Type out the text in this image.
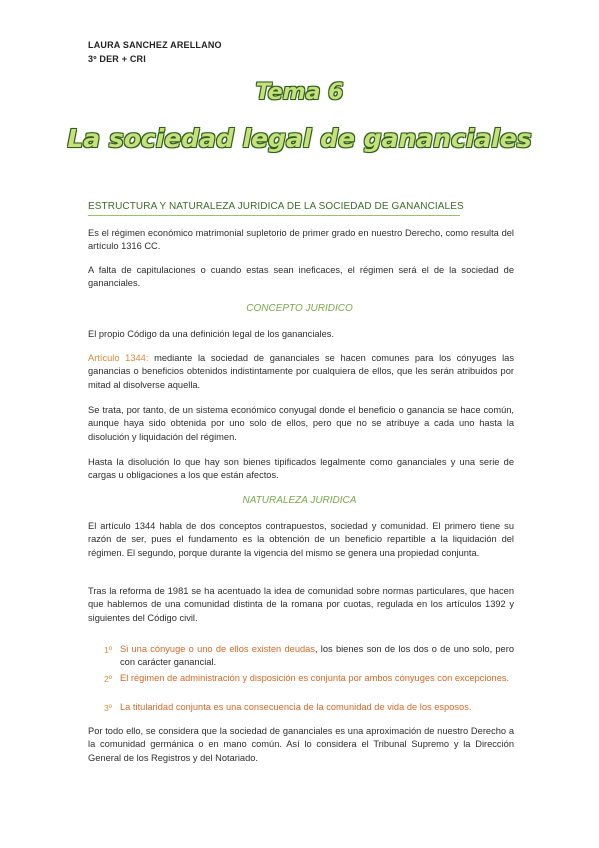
LAURA SANCHEZ ARELLANO
3º DER + CRI
Tema 6
La sociedad legal de gananciales
ESTRUCTURA Y NATURALEZA JURIDICA DE LA SOCIEDAD DE GANANCIALES
Es el régimen económico matrimonial supletorio de primer grado en nuestro Derecho, como resulta del artículo 1316 CC.
A falta de capitulaciones o cuando estas sean ineficaces, el régimen será el de la sociedad de gananciales.
CONCEPTO JURIDICO
El propio Código da una definición legal de los gananciales.
Artículo 1344: mediante la sociedad de gananciales se hacen comunes para los cónyuges las ganancias o beneficios obtenidos indistintamente por cualquiera de ellos, que les serán atribuidos por mitad al disolverse aquella.
Se trata, por tanto, de un sistema económico conyugal donde el beneficio o ganancia se hace común, aunque haya sido obtenida por uno solo de ellos, pero que no se atribuye a cada uno hasta la disolución y liquidación del régimen.
Hasta la disolución lo que hay son bienes tipificados legalmente como gananciales y una serie de cargas u obligaciones a los que están afectos.
NATURALEZA JURIDICA
El artículo 1344 habla de dos conceptos contrapuestos, sociedad y comunidad. El primero tiene su razón de ser, pues el fundamento es la obtención de un beneficio repartible a la liquidación del régimen. El segundo, porque durante la vigencia del mismo se genera una propiedad conjunta.
Tras la reforma de 1981 se ha acentuado la idea de comunidad sobre normas particulares, que hacen que hablemos de una comunidad distinta de la romana por cuotas, regulada en los artículos 1392 y siguientes del Código civil.
1º Si una cónyuge o uno de ellos existen deudas, los bienes son de los dos o de uno solo, pero con carácter ganancial.
2º El régimen de administración y disposición es conjunta por ambos cónyuges con excepciones.
3º La titularidad conjunta es una consecuencia de la comunidad de vida de los esposos.
Por todo ello, se considera que la sociedad de gananciales es una aproximación de nuestro Derecho a la comunidad germánica o en mano común. Así lo considera el Tribunal Supremo y la Dirección General de los Registros y del Notariado.
